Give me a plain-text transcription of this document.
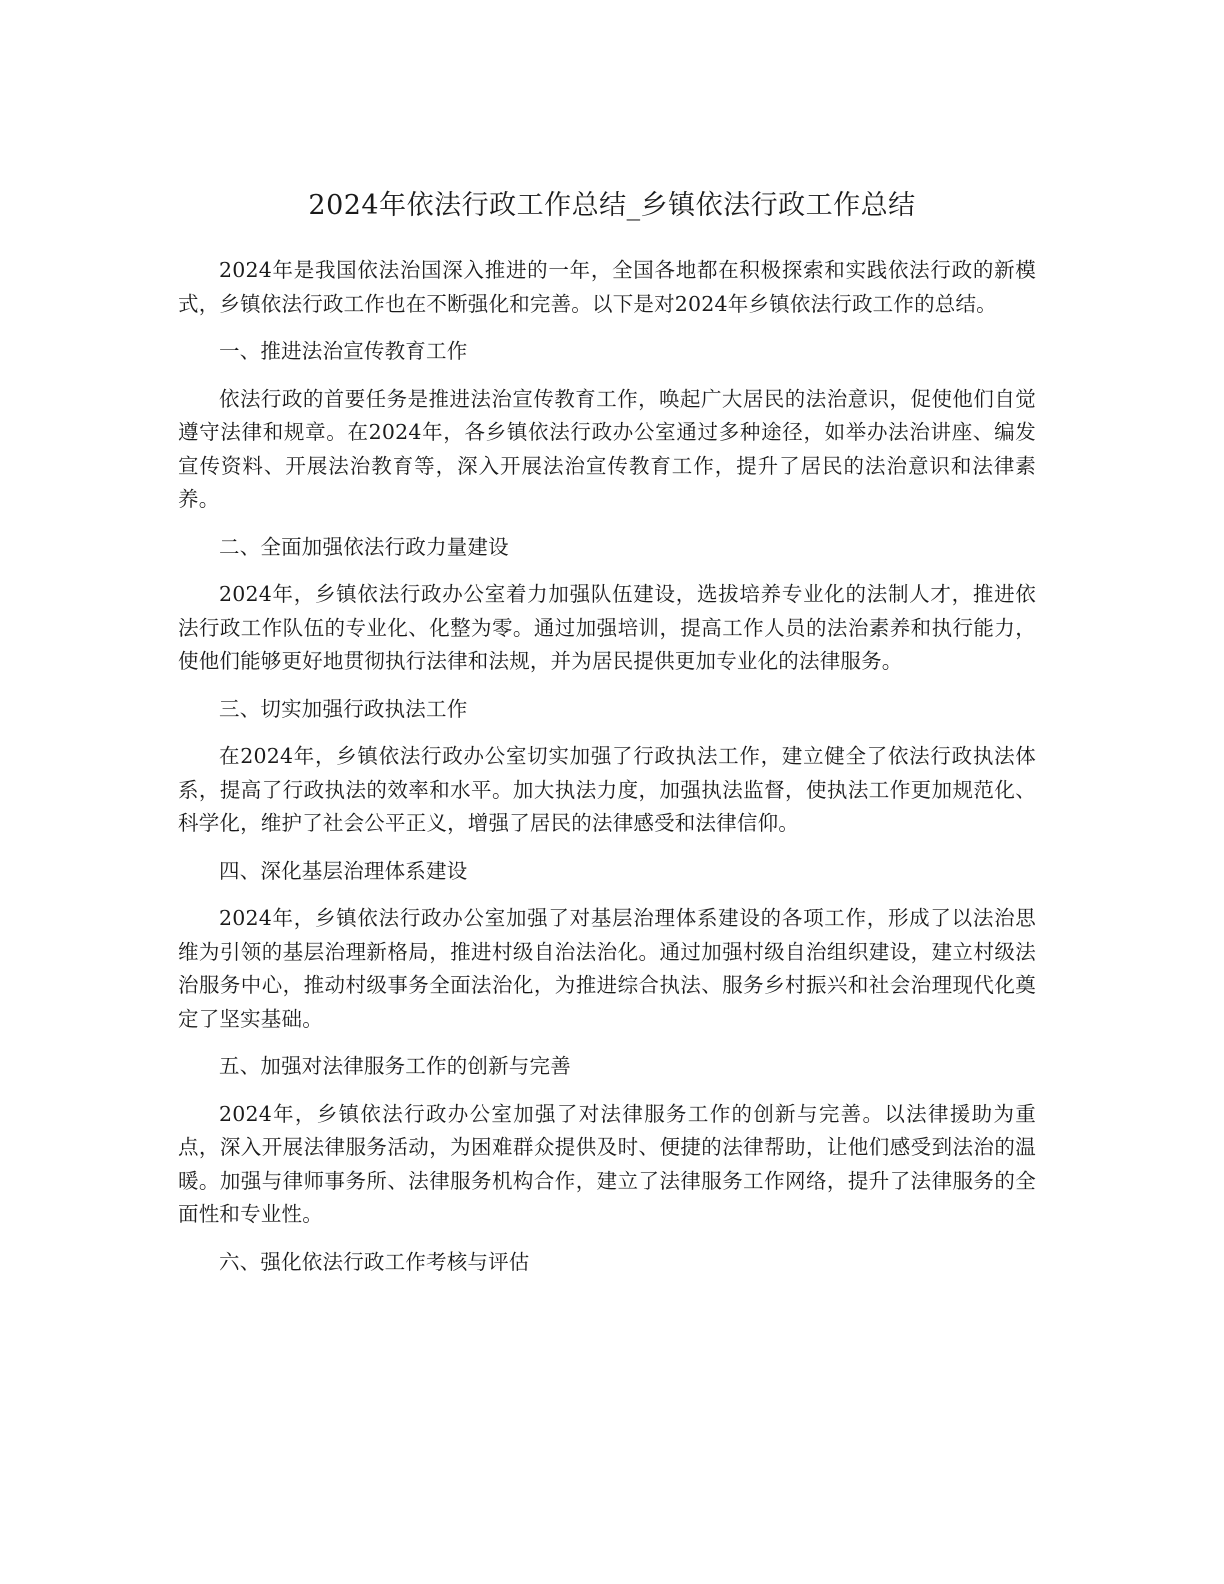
2024年依法行政工作总结_乡镇依法行政工作总结

2024年是我国依法治国深入推进的一年，全国各地都在积极探索和实践依法行政的新模式，乡镇依法行政工作也在不断强化和完善。以下是对2024年乡镇依法行政工作的总结。

一、推进法治宣传教育工作

依法行政的首要任务是推进法治宣传教育工作，唤起广大居民的法治意识，促使他们自觉遵守法律和规章。在2024年，各乡镇依法行政办公室通过多种途径，如举办法治讲座、编发宣传资料、开展法治教育等，深入开展法治宣传教育工作，提升了居民的法治意识和法律素养。

二、全面加强依法行政力量建设

2024年，乡镇依法行政办公室着力加强队伍建设，选拔培养专业化的法制人才，推进依法行政工作队伍的专业化、化整为零。通过加强培训，提高工作人员的法治素养和执行能力，使他们能够更好地贯彻执行法律和法规，并为居民提供更加专业化的法律服务。

三、切实加强行政执法工作

在2024年，乡镇依法行政办公室切实加强了行政执法工作，建立健全了依法行政执法体系，提高了行政执法的效率和水平。加大执法力度，加强执法监督，使执法工作更加规范化、科学化，维护了社会公平正义，增强了居民的法律感受和法律信仰。

四、深化基层治理体系建设

2024年，乡镇依法行政办公室加强了对基层治理体系建设的各项工作，形成了以法治思维为引领的基层治理新格局，推进村级自治法治化。通过加强村级自治组织建设，建立村级法治服务中心，推动村级事务全面法治化，为推进综合执法、服务乡村振兴和社会治理现代化奠定了坚实基础。

五、加强对法律服务工作的创新与完善

2024年，乡镇依法行政办公室加强了对法律服务工作的创新与完善。以法律援助为重点，深入开展法律服务活动，为困难群众提供及时、便捷的法律帮助，让他们感受到法治的温暖。加强与律师事务所、法律服务机构合作，建立了法律服务工作网络，提升了法律服务的全面性和专业性。

六、强化依法行政工作考核与评估
